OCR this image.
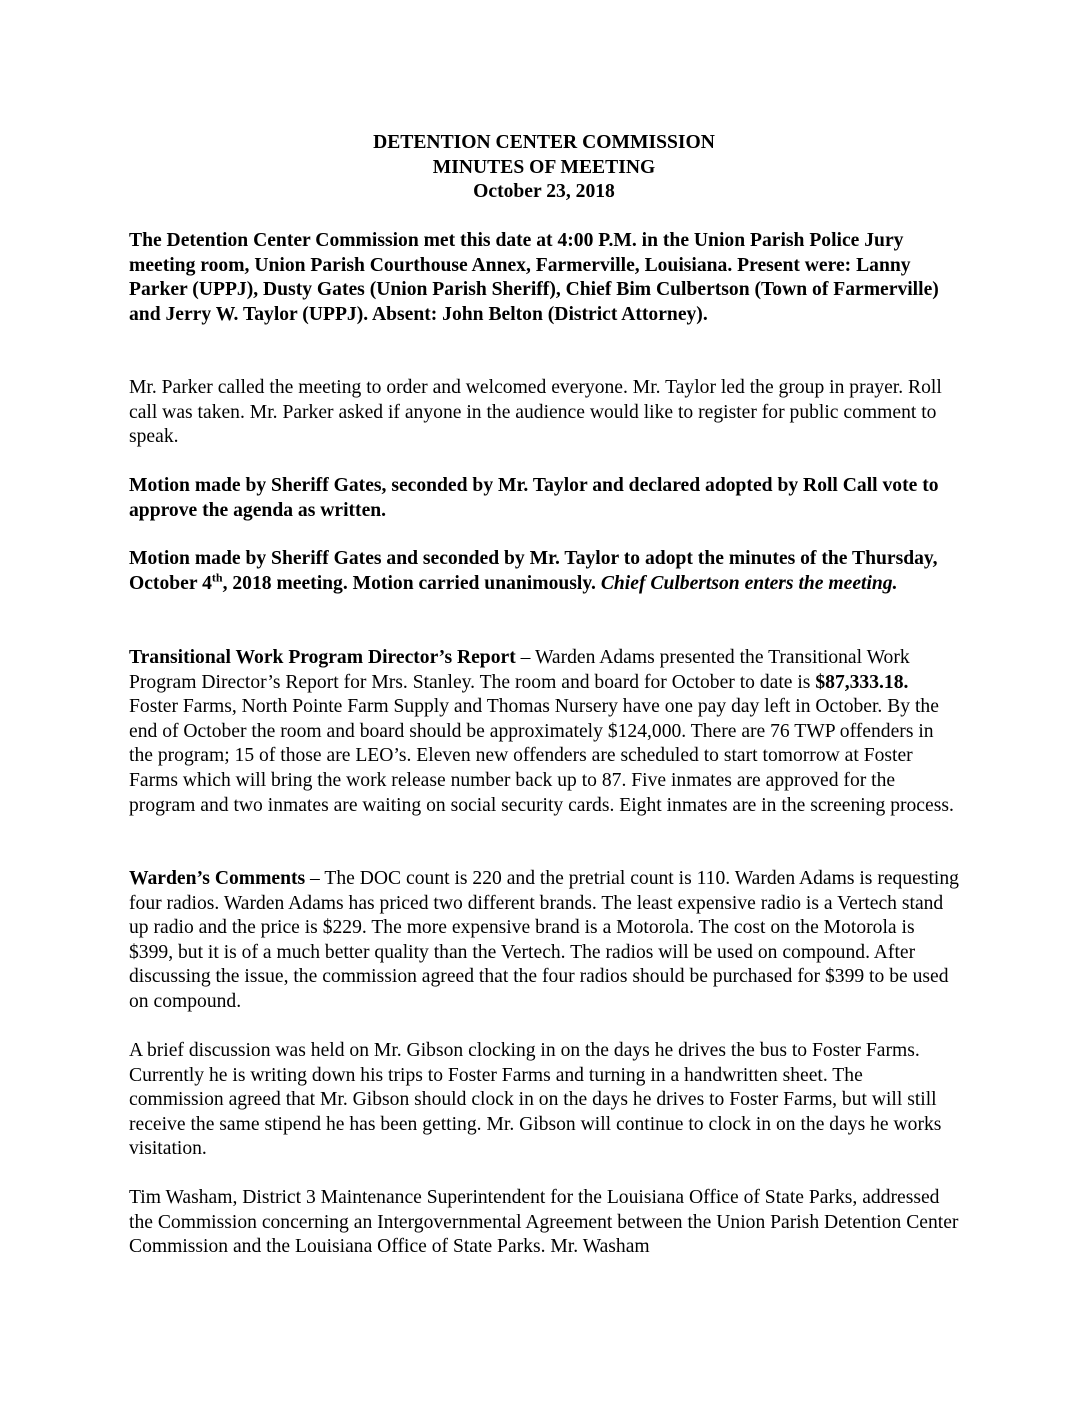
DETENTION CENTER COMMISSION
MINUTES OF MEETING
October 23, 2018

The Detention Center Commission met this date at 4:00 P.M. in the Union Parish Police Jury meeting room, Union Parish Courthouse Annex, Farmerville, Louisiana. Present were: Lanny Parker (UPPJ), Dusty Gates (Union Parish Sheriff), Chief Bim Culbertson (Town of Farmerville) and Jerry W. Taylor (UPPJ). Absent: John Belton (District Attorney).

Mr. Parker called the meeting to order and welcomed everyone. Mr. Taylor led the group in prayer. Roll call was taken. Mr. Parker asked if anyone in the audience would like to register for public comment to speak.

Motion made by Sheriff Gates, seconded by Mr. Taylor and declared adopted by Roll Call vote to approve the agenda as written.

Motion made by Sheriff Gates and seconded by Mr. Taylor to adopt the minutes of the Thursday, October 4th, 2018 meeting. Motion carried unanimously. Chief Culbertson enters the meeting.

Transitional Work Program Director’s Report – Warden Adams presented the Transitional Work Program Director’s Report for Mrs. Stanley. The room and board for October to date is $87,333.18. Foster Farms, North Pointe Farm Supply and Thomas Nursery have one pay day left in October. By the end of October the room and board should be approximately $124,000. There are 76 TWP offenders in the program; 15 of those are LEO’s. Eleven new offenders are scheduled to start tomorrow at Foster Farms which will bring the work release number back up to 87. Five inmates are approved for the program and two inmates are waiting on social security cards. Eight inmates are in the screening process.

Warden’s Comments – The DOC count is 220 and the pretrial count is 110. Warden Adams is requesting four radios. Warden Adams has priced two different brands. The least expensive radio is a Vertech stand up radio and the price is $229. The more expensive brand is a Motorola. The cost on the Motorola is $399, but it is of a much better quality than the Vertech. The radios will be used on compound. After discussing the issue, the commission agreed that the four radios should be purchased for $399 to be used on compound.

A brief discussion was held on Mr. Gibson clocking in on the days he drives the bus to Foster Farms. Currently he is writing down his trips to Foster Farms and turning in a handwritten sheet. The commission agreed that Mr. Gibson should clock in on the days he drives to Foster Farms, but will still receive the same stipend he has been getting. Mr. Gibson will continue to clock in on the days he works visitation.

Tim Washam, District 3 Maintenance Superintendent for the Louisiana Office of State Parks, addressed the Commission concerning an Intergovernmental Agreement between the Union Parish Detention Center Commission and the Louisiana Office of State Parks. Mr. Washam
